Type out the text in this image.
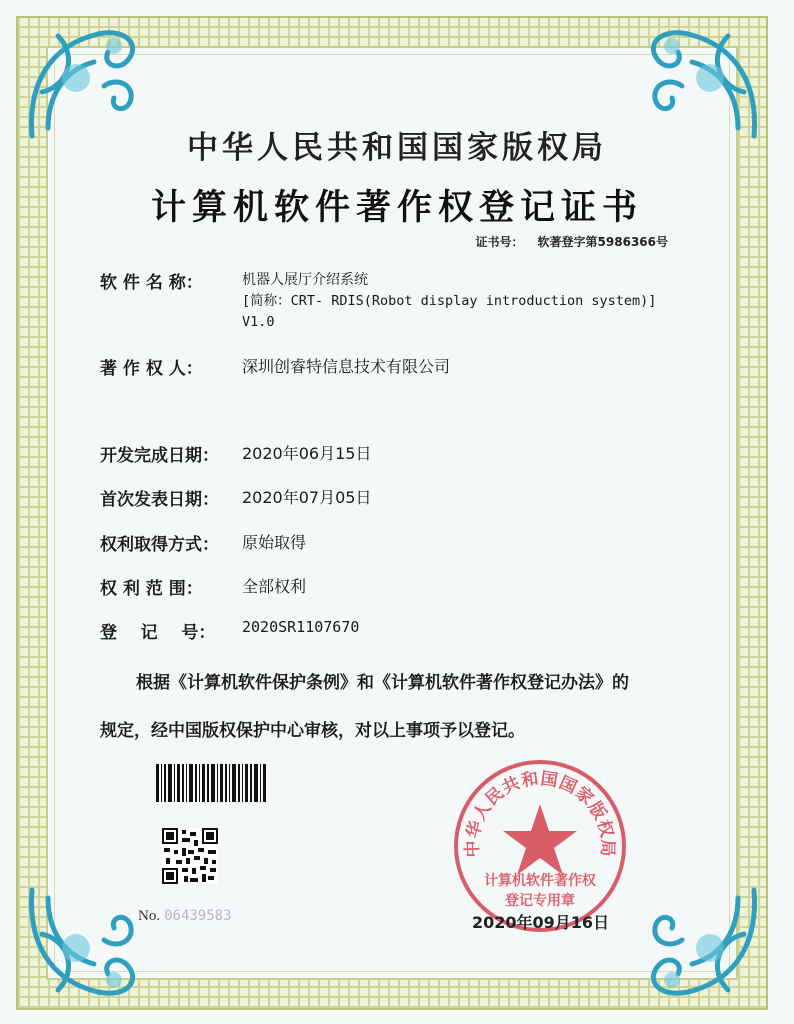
中华人民共和国国家版权局
计算机软件著作权登记证书
证书号： 软著登字第5986366号
软 件 名 称：	机器人展厅介绍系统
[简称：CRT- RDIS(Robot display introduction system)]
V1.0
著 作 权 人： 深圳创睿特信息技术有限公司
开发完成日期： 2020年06月15日
首次发表日期： 2020年07月05日
权利取得方式： 原始取得
权 利 范 围： 全部权利
登    记    号： 2020SR1107670
根据《计算机软件保护条例》和《计算机软件著作权登记办法》的
规定，经中国版权保护中心审核，对以上事项予以登记。
No. 06439583
中华人民共和国国家版权局
计算机软件著作权
登记专用章
2020年09月16日
